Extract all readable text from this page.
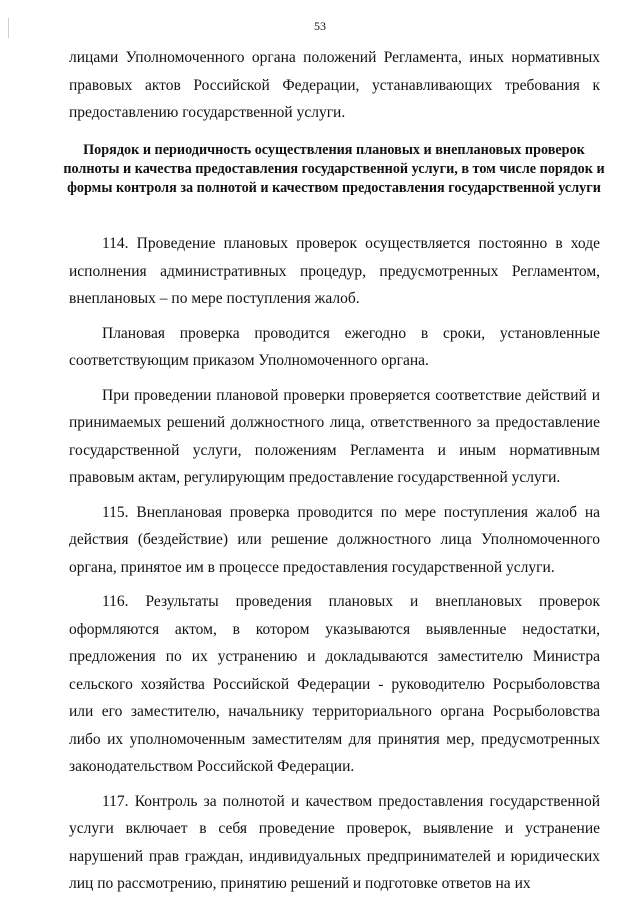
53

лицами Уполномоченного органа положений Регламента, иных нормативных правовых актов Российской Федерации, устанавливающих требования к предоставлению государственной услуги.

Порядок и периодичность осуществления плановых и внеплановых проверок полноты и качества предоставления государственной услуги, в том числе порядок и формы контроля за полнотой и качеством предоставления государственной услуги

114. Проведение плановых проверок осуществляется постоянно в ходе исполнения административных процедур, предусмотренных Регламентом, внеплановых – по мере поступления жалоб.

Плановая проверка проводится ежегодно в сроки, установленные соответствующим приказом Уполномоченного органа.

При проведении плановой проверки проверяется соответствие действий и принимаемых решений должностного лица, ответственного за предоставление государственной услуги, положениям Регламента и иным нормативным правовым актам, регулирующим предоставление государственной услуги.

115. Внеплановая проверка проводится по мере поступления жалоб на действия (бездействие) или решение должностного лица Уполномоченного органа, принятое им в процессе предоставления государственной услуги.

116. Результаты проведения плановых и внеплановых проверок оформляются актом, в котором указываются выявленные недостатки, предложения по их устранению и докладываются заместителю Министра сельского хозяйства Российской Федерации - руководителю Росрыболовства или его заместителю, начальнику территориального органа Росрыболовства либо их уполномоченным заместителям для принятия мер, предусмотренных законодательством Российской Федерации.

117. Контроль за полнотой и качеством предоставления государственной услуги включает в себя проведение проверок, выявление и устранение нарушений прав граждан, индивидуальных предпринимателей и юридических лиц по рассмотрению, принятию решений и подготовке ответов на их
